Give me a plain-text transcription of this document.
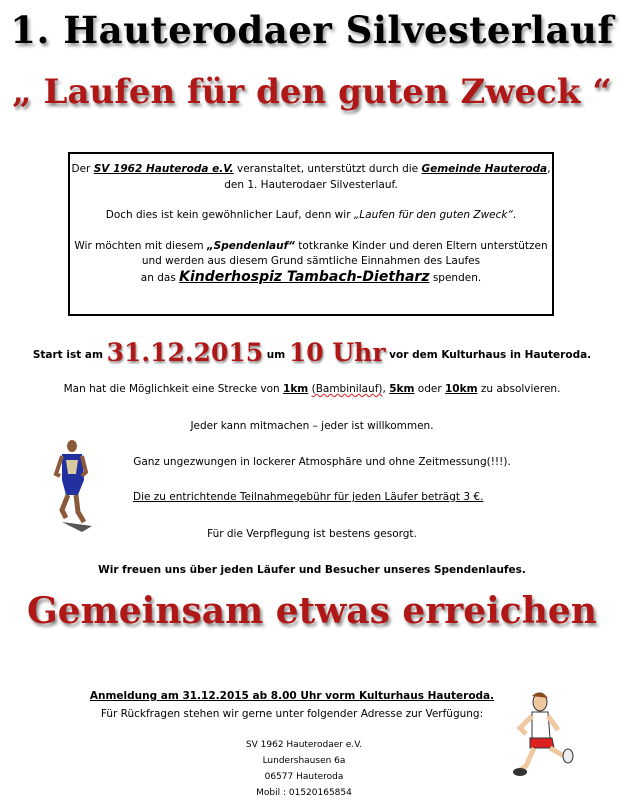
1. Hauterodaer Silvesterlauf
„ Laufen für den guten Zweck “

Der SV 1962 Hauteroda e.V. veranstaltet, unterstützt durch die Gemeinde Hauteroda,

den 1. Hauterodaer Silvesterlauf.

Doch dies ist kein gewöhnlicher Lauf, denn wir „Laufen für den guten Zweck“.

Wir möchten mit diesem „Spendenlauf“ totkranke Kinder und deren Eltern unterstützen

und werden aus diesem Grund sämtliche Einnahmen des Laufes

an das Kinderhospiz Tambach-Dietharz spenden.

Start ist am 31.12.2015 um 10 Uhr vor dem Kulturhaus in Hauteroda.
Man hat die Möglichkeit eine Strecke von 1km (Bambinilauf), 5km oder 10km zu absolvieren.
Jeder kann mitmachen – jeder ist willkommen.
Ganz ungezwungen in lockerer Atmosphäre und ohne Zeitmessung(!!!).
Die zu entrichtende Teilnahmegebühr für jeden Läufer beträgt 3 €.
Für die Verpflegung ist bestens gesorgt.
Wir freuen uns über jeden Läufer und Besucher unseres Spendenlaufes.
Gemeinsam etwas erreichen
Anmeldung am 31.12.2015 ab 8.00 Uhr vorm Kulturhaus Hauteroda.
Für Rückfragen stehen wir gerne unter folgender Adresse zur Verfügung:
SV 1962 Hauterodaer e.V.
Lundershausen 6a
06577 Hauteroda
Mobil : 01520165854
